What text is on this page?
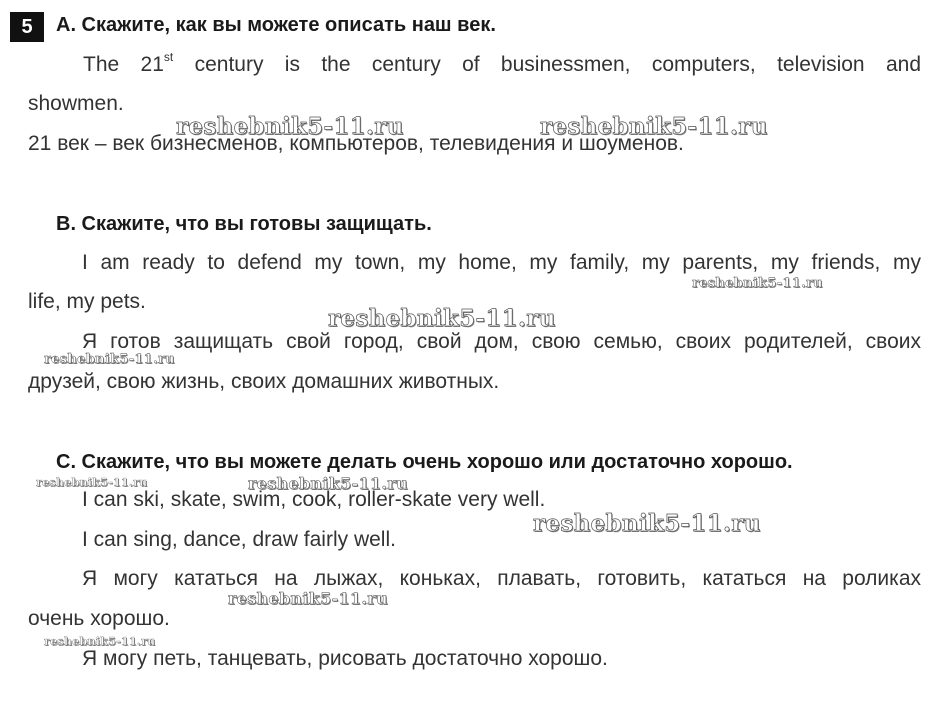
5	A. Скажите, как вы можете описать наш век.
The 21st century is the century of businessmen, computers, television and
showmen.
21 век – век бизнесменов, компьютеров, телевидения и шоуменов.
B. Скажите, что вы готовы защищать.
I am ready to defend my town, my home, my family, my parents, my friends, my
life, my pets.
Я готов защищать свой город, свой дом, свою семью, своих родителей, своих
друзей, свою жизнь, своих домашних животных.
C. Скажите, что вы можете делать очень хорошо или достаточно хорошо.
I can ski, skate, swim, cook, roller-skate very well.
I can sing, dance, draw fairly well.
Я могу кататься на лыжах, коньках, плавать, готовить, кататься на роликах
очень хорошо.
Я могу петь, танцевать, рисовать достаточно хорошо.
reshebnik5-11.ru	reshebnik5-11.ru
reshebnik5-11.ru
reshebnik5-11.ru
reshebnik5-11.ru
reshebnik5-11.ru	reshebnik5-11.ru
reshebnik5-11.ru
reshebnik5-11.ru
reshebnik5-11.ru
